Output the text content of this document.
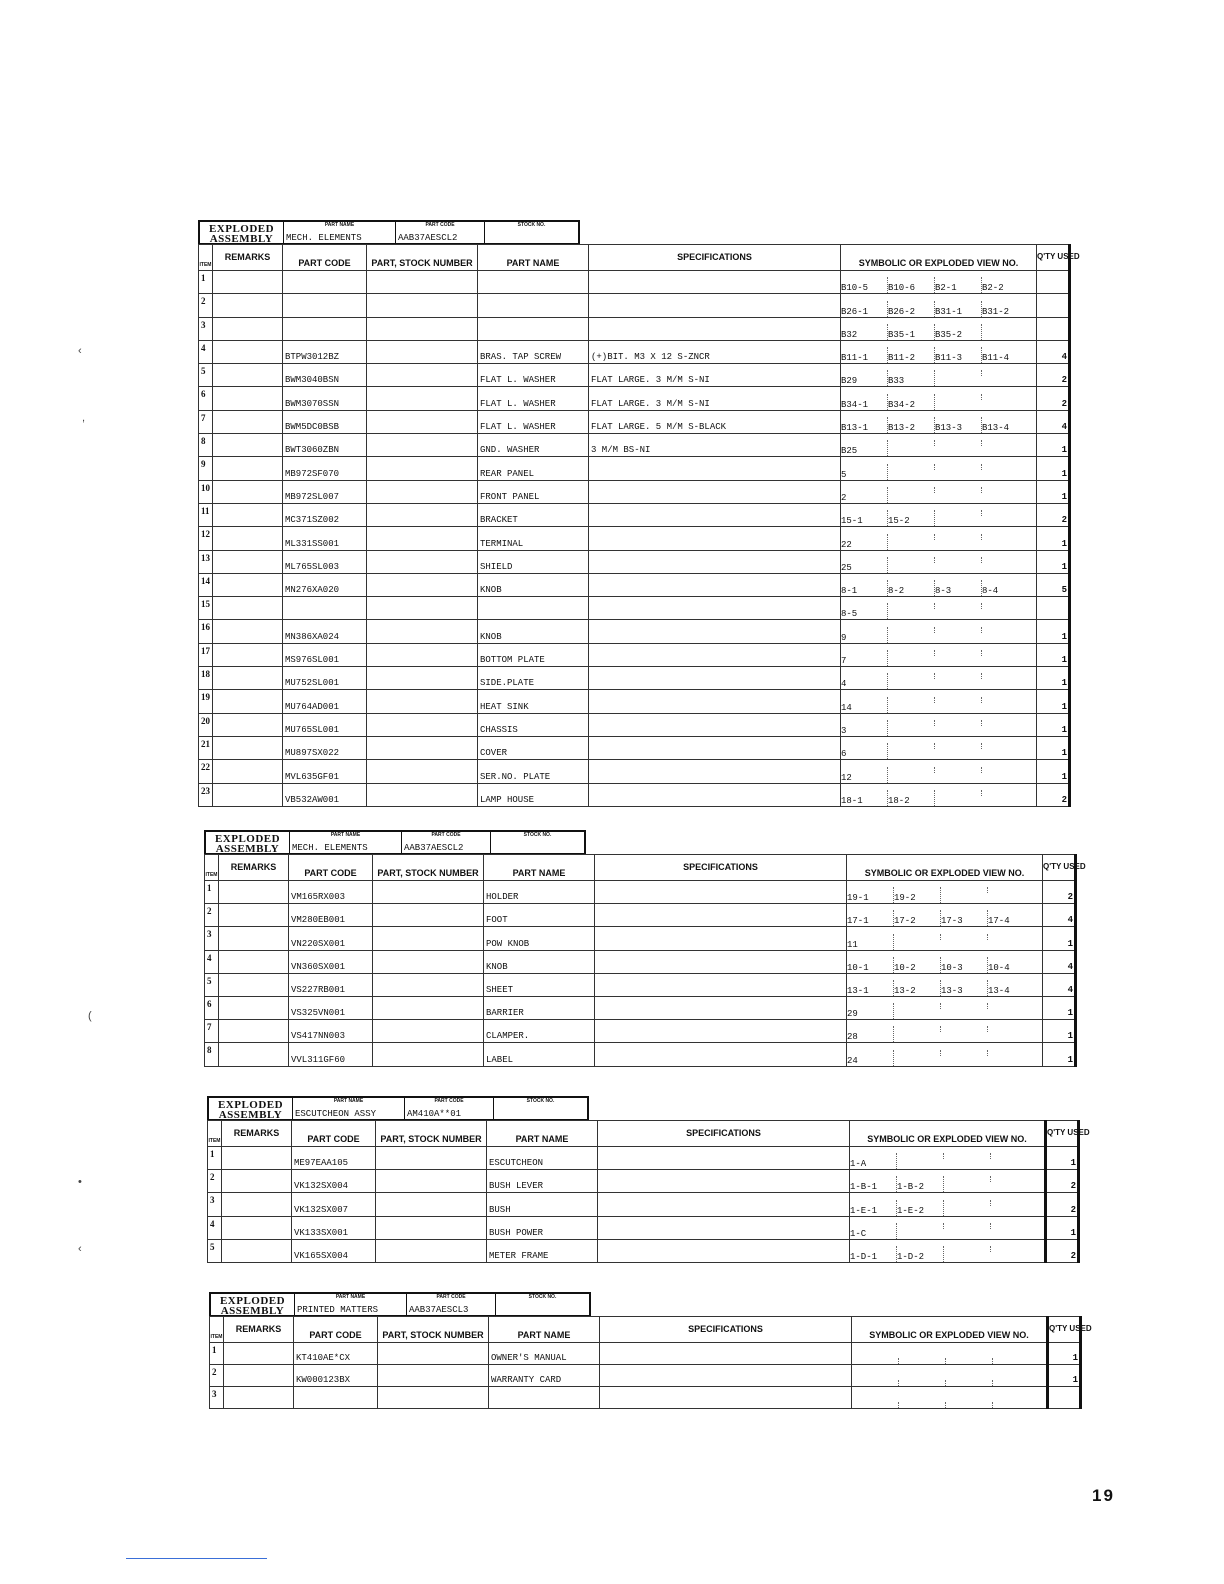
EXPLODED ASSEMBLY
PART NAME
MECH. ELEMENTS
PART CODE
AAB37AESCL2
STOCK NO.
ITEM	REMARKS	PART CODE	PART, STOCK NUMBER	PART NAME	SPECIFICATIONS	SYMBOLIC OR EXPLODED VIEW NO.	Q'TY USED
1						B10-5 B10-6 B2-1 B2-2	

2						B26-1 B26-2 B31-1 B31-2	

3						B32 B35-1 B35-2	

4		BTPW3012BZ		BRAS. TAP SCREW	(+)BIT. M3 X 12 S-ZNCR	B11-1 B11-2 B11-3 B11-4	4
5		BWM3040BSN		FLAT L. WASHER	FLAT LARGE. 3 M/M S-NI	B29 B33	2
6		BWM3070SSN		FLAT L. WASHER	FLAT LARGE. 3 M/M S-NI	B34-1 B34-2	2
7		BWM5DC0BSB		FLAT L. WASHER	FLAT LARGE. 5 M/M S-BLACK	B13-1 B13-2 B13-3 B13-4	4
8		BWT3060ZBN		GND. WASHER	3 M/M BS-NI	B25	1
9		MB972SF070		REAR PANEL		5	1
10		MB972SL007		FRONT PANEL		2	1
11		MC371SZ002		BRACKET		15-1 15-2	2
12		ML331SS001		TERMINAL		22	1
13		ML765SL003		SHIELD		25	1
14		MN276XA020		KNOB		8-1 8-2 8-3 8-4	5
15						8-5	

16		MN386XA024		KNOB		9	1
17		MS976SL001		BOTTOM PLATE		7	1
18		MU752SL001		SIDE.PLATE		4	1
19		MU764AD001		HEAT SINK		14	1
20		MU765SL001		CHASSIS		3	1
21		MU897SX022		COVER		6	1
22		MVL635GF01		SER.NO. PLATE		12	1
23		VB532AW001		LAMP HOUSE		18-1 18-2	2
EXPLODED ASSEMBLY
PART NAME
MECH. ELEMENTS
PART CODE
AAB37AESCL2
STOCK NO.
ITEM	REMARKS	PART CODE	PART, STOCK NUMBER	PART NAME	SPECIFICATIONS	SYMBOLIC OR EXPLODED VIEW NO.	Q'TY USED
1		VM165RX003		HOLDER		19-1 19-2	2
2		VM280EB001		FOOT		17-1 17-2 17-3 17-4	4
3		VN220SX001		POW KNOB		11	1
4		VN360SX001		KNOB		10-1 10-2 10-3 10-4	4
5		VS227RB001		SHEET		13-1 13-2 13-3 13-4	4
6		VS325VN001		BARRIER		29	1
7		VS417NN003		CLAMPER.		28	1
8		VVL311GF60		LABEL		24	1
EXPLODED ASSEMBLY
PART NAME
ESCUTCHEON ASSY
PART CODE
AM410A**01
STOCK NO.
ITEM	REMARKS	PART CODE	PART, STOCK NUMBER	PART NAME	SPECIFICATIONS	SYMBOLIC OR EXPLODED VIEW NO.	Q'TY USED
1		ME97EAA105		ESCUTCHEON		1-A	1
2		VK132SX004		BUSH LEVER		1-B-1 1-B-2	2
3		VK132SX007		BUSH		1-E-1 1-E-2	2
4		VK133SX001		BUSH POWER		1-C	1
5		VK165SX004		METER FRAME		1-D-1 1-D-2	2
EXPLODED ASSEMBLY
PART NAME
PRINTED MATTERS
PART CODE
AAB37AESCL3
STOCK NO.
ITEM	REMARKS	PART CODE	PART, STOCK NUMBER	PART NAME	SPECIFICATIONS	SYMBOLIC OR EXPLODED VIEW NO.	Q'TY USED
1		KT410AE*CX		OWNER'S MANUAL			1
2		KW000123BX		WARRANTY CARD			1
3						

19
‹
,
(
•
‹
